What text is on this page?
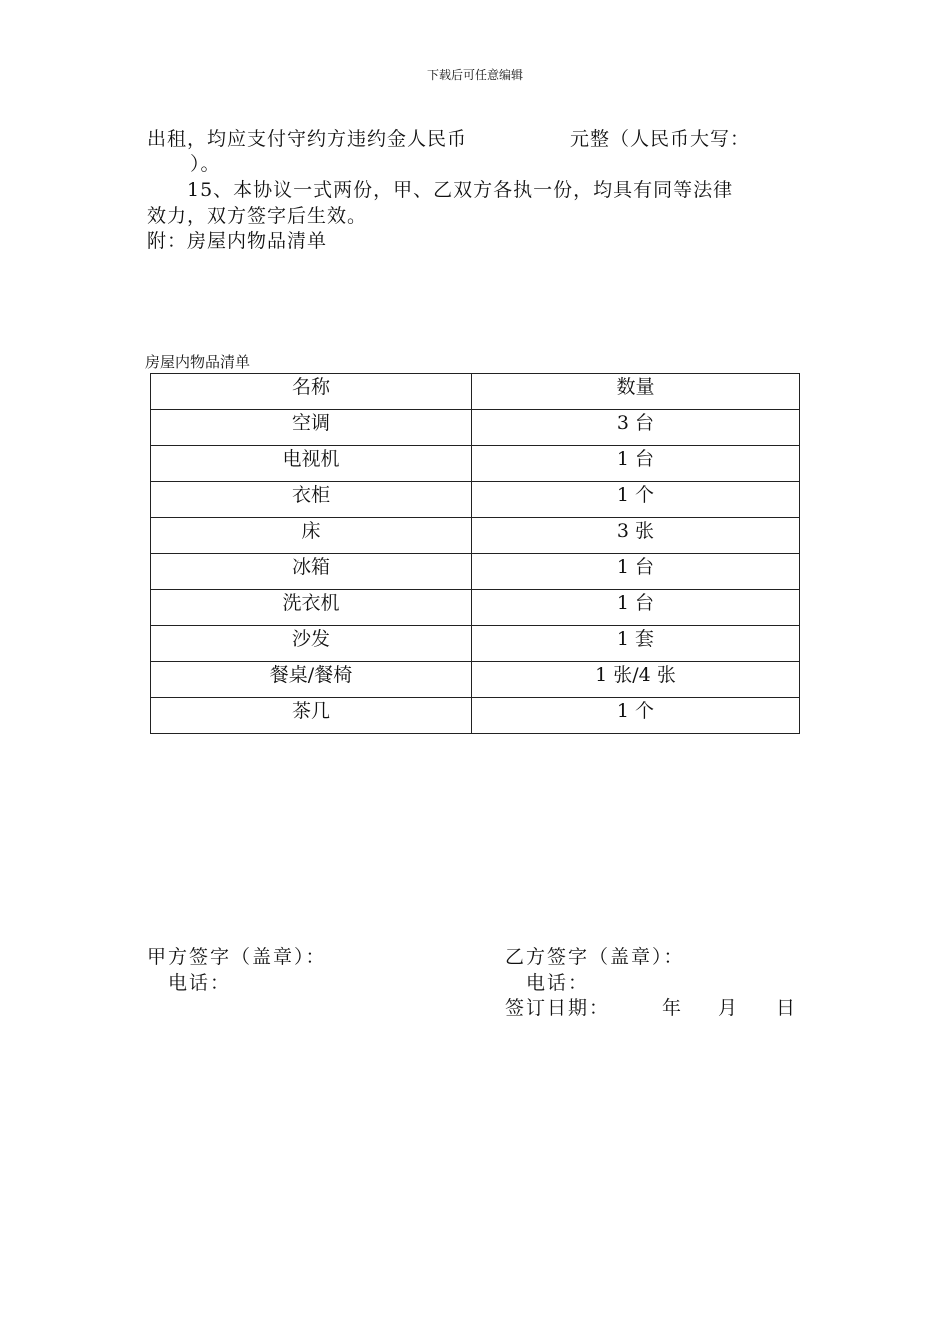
下载后可任意编辑
出租，均应支付守约方违约金人民币	元整（人民币大写：
）。
15、本协议一式两份，甲、乙双方各执一份，均具有同等法律
效力，双方签字后生效。
附：房屋内物品清单
房屋内物品清单
名称	数量
空调	3 台
电视机	1 台
衣柜	1 个
床	3 张
冰箱	1 台
洗衣机	1 台
沙发	1 套
餐桌/餐椅	1 张/4 张
茶几	1 个
甲方签字（盖章）：
电话：
乙方签字（盖章）：
电话：
签订日期：	年 月 日
